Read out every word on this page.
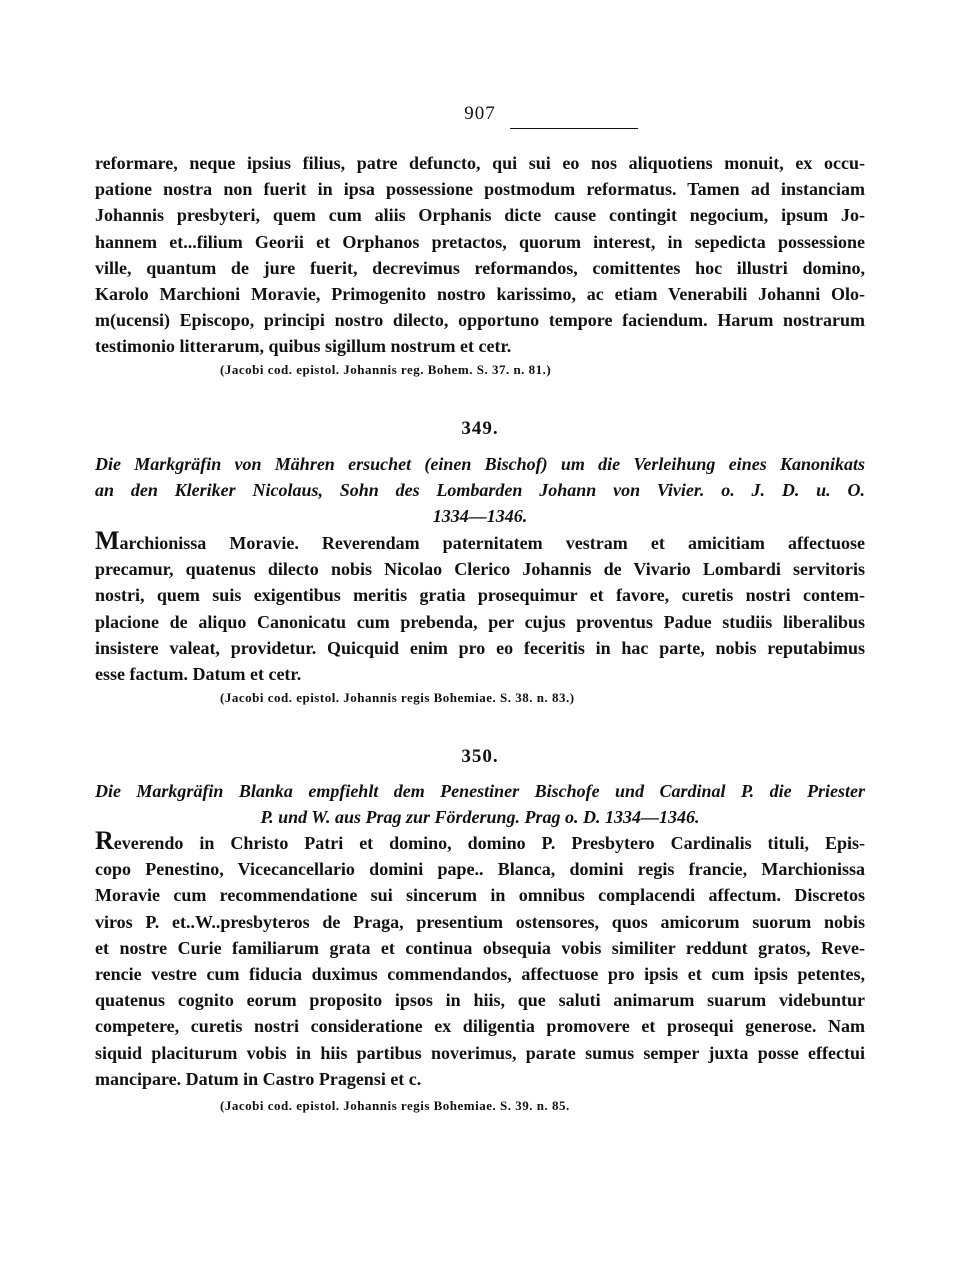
907
reformare, neque ipsius filius, patre defuncto, qui sui eo nos aliquotiens monuit, ex occu-
patione nostra non fuerit in ipsa possessione postmodum reformatus. Tamen ad instanciam
Johannis presbyteri, quem cum aliis Orphanis dicte cause contingit negocium, ipsum Jo-
hannem et...filium Georii et Orphanos pretactos, quorum interest, in sepedicta possessione
ville, quantum de jure fuerit, decrevimus reformandos, comittentes hoc illustri domino,
Karolo Marchioni Moravie, Primogenito nostro karissimo, ac etiam Venerabili Johanni Olo-
m(ucensi) Episcopo, principi nostro dilecto, opportuno tempore faciendum. Harum nostrarum
testimonio litterarum, quibus sigillum nostrum et cetr.
(Jacobi cod. epistol. Johannis reg. Bohem. S. 37. n. 81.)
349.
Die Markgräfin von Mähren ersuchet (einen Bischof) um die Verleihung eines Kanonikats
an den Kleriker Nicolaus, Sohn des Lombarden Johann von Vivier. o. J. D. u. O.
1334—1346.
Marchionissa Moravie. Reverendam paternitatem vestram et amicitiam affectuose
precamur, quatenus dilecto nobis Nicolao Clerico Johannis de Vivario Lombardi servitoris
nostri, quem suis exigentibus meritis gratia prosequimur et favore, curetis nostri contem-
placione de aliquo Canonicatu cum prebenda, per cujus proventus Padue studiis liberalibus
insistere valeat, providetur. Quicquid enim pro eo feceritis in hac parte, nobis reputabimus
esse factum. Datum et cetr.
(Jacobi cod. epistol. Johannis regis Bohemiae. S. 38. n. 83.)
350.
Die Markgräfin Blanka empfiehlt dem Penestiner Bischofe und Cardinal P. die Priester
P. und W. aus Prag zur Förderung. Prag o. D. 1334—1346.
Reverendo in Christo Patri et domino, domino P. Presbytero Cardinalis tituli, Epis-
copo Penestino, Vicecancellario domini pape.. Blanca, domini regis francie, Marchionissa
Moravie cum recommendatione sui sincerum in omnibus complacendi affectum. Discretos
viros P. et..W..presbyteros de Praga, presentium ostensores, quos amicorum suorum nobis
et nostre Curie familiarum grata et continua obsequia vobis similiter reddunt gratos, Reve-
rencie vestre cum fiducia duximus commendandos, affectuose pro ipsis et cum ipsis petentes,
quatenus cognito eorum proposito ipsos in hiis, que saluti animarum suarum videbuntur
competere, curetis nostri consideratione ex diligentia promovere et prosequi generose. Nam
siquid placiturum vobis in hiis partibus noverimus, parate sumus semper juxta posse effectui
mancipare. Datum in Castro Pragensi et c.
(Jacobi cod. epistol. Johannis regis Bohemiae. S. 39. n. 85.
